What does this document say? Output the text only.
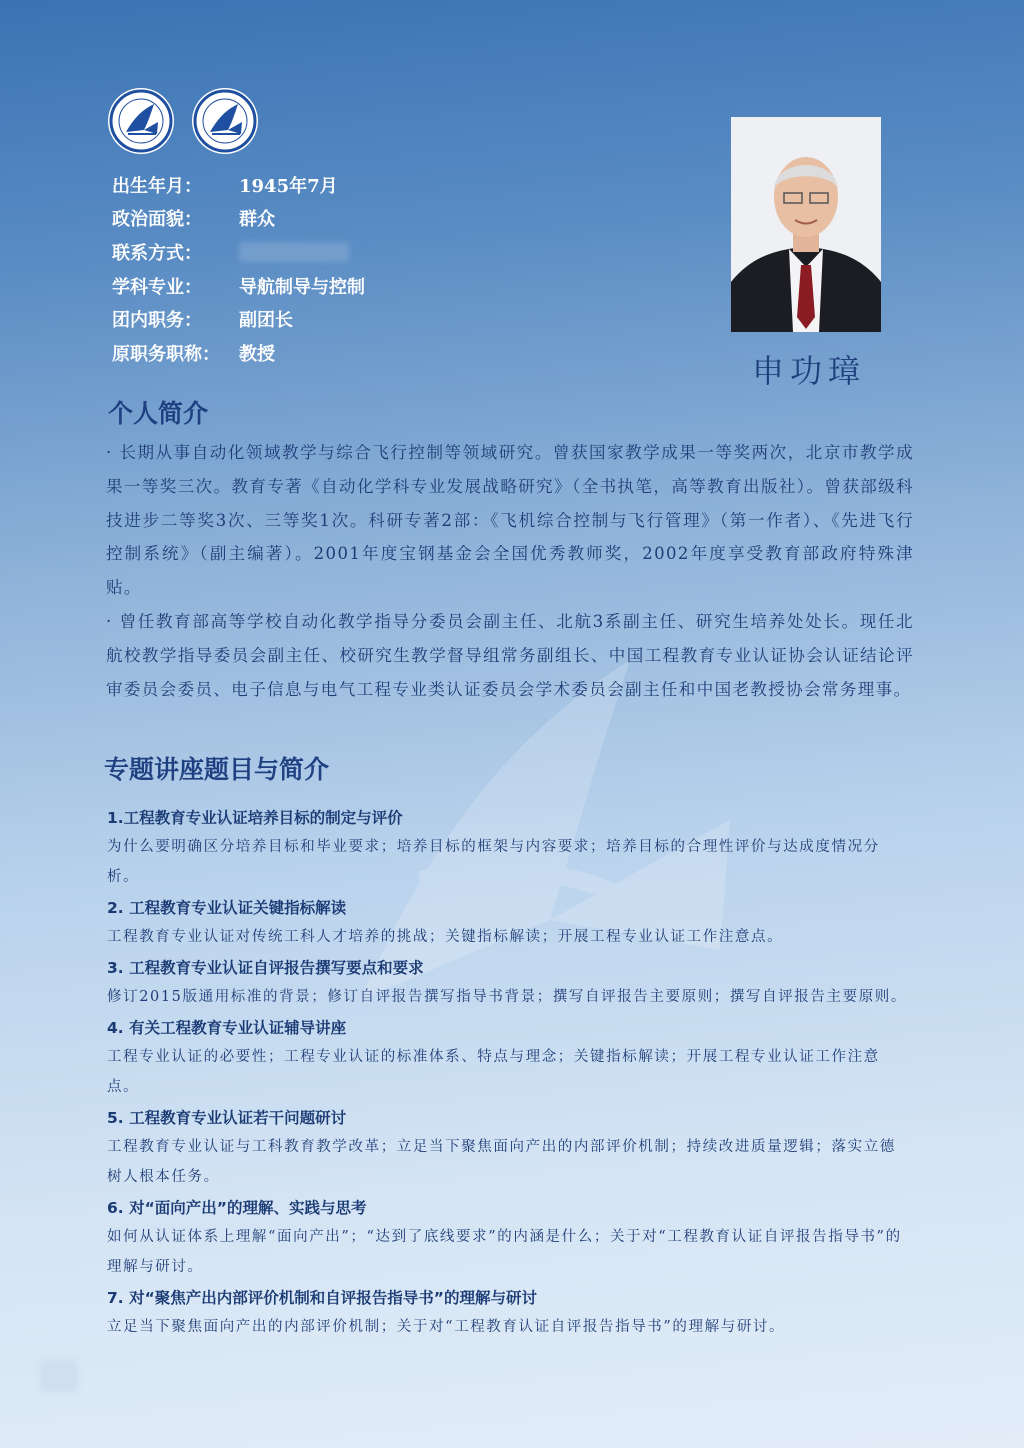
出生年月：	1945年7月
政治面貌：	群众
联系方式：
学科专业：	导航制导与控制
团内职务：	副团长
原职务职称：	教授	申功璋
个人简介

· 长期从事自动化领域教学与综合飞行控制等领域研究。曾获国家教学成果一等奖两次，北京市教学成果一等奖三次。教育专著《自动化学科专业发展战略研究》（全书执笔，高等教育出版社）。曾获部级科技进步二等奖3次、三等奖1次。科研专著2部：《飞机综合控制与飞行管理》（第一作者）、《先进飞行控制系统》（副主编著）。2001年度宝钢基金会全国优秀教师奖，2002年度享受教育部政府特殊津贴。

· 曾任教育部高等学校自动化教学指导分委员会副主任、北航3系副主任、研究生培养处处长。现任北航校教学指导委员会副主任、校研究生教学督导组常务副组长、中国工程教育专业认证协会认证结论评审委员会委员、电子信息与电气工程专业类认证委员会学术委员会副主任和中国老教授协会常务理事。

专题讲座题目与简介
1.工程教育专业认证培养目标的制定与评价
为什么要明确区分培养目标和毕业要求；培养目标的框架与内容要求；培养目标的合理性评价与达成度情况分析。
2. 工程教育专业认证关键指标解读
工程教育专业认证对传统工科人才培养的挑战；关键指标解读；开展工程专业认证工作注意点。
3. 工程教育专业认证自评报告撰写要点和要求
修订2015版通用标准的背景；修订自评报告撰写指导书背景；撰写自评报告主要原则；撰写自评报告主要原则。
4. 有关工程教育专业认证辅导讲座
工程专业认证的必要性；工程专业认证的标准体系、特点与理念；关键指标解读；开展工程专业认证工作注意点。
5. 工程教育专业认证若干问题研讨
工程教育专业认证与工科教育教学改革；立足当下聚焦面向产出的内部评价机制；持续改进质量逻辑；落实立德树人根本任务。
6. 对“面向产出”的理解、实践与思考
如何从认证体系上理解“面向产出”；“达到了底线要求”的内涵是什么；关于对“工程教育认证自评报告指导书”的理解与研讨。
7. 对“聚焦产出内部评价机制和自评报告指导书”的理解与研讨
立足当下聚焦面向产出的内部评价机制；关于对“工程教育认证自评报告指导书”的理解与研讨。
